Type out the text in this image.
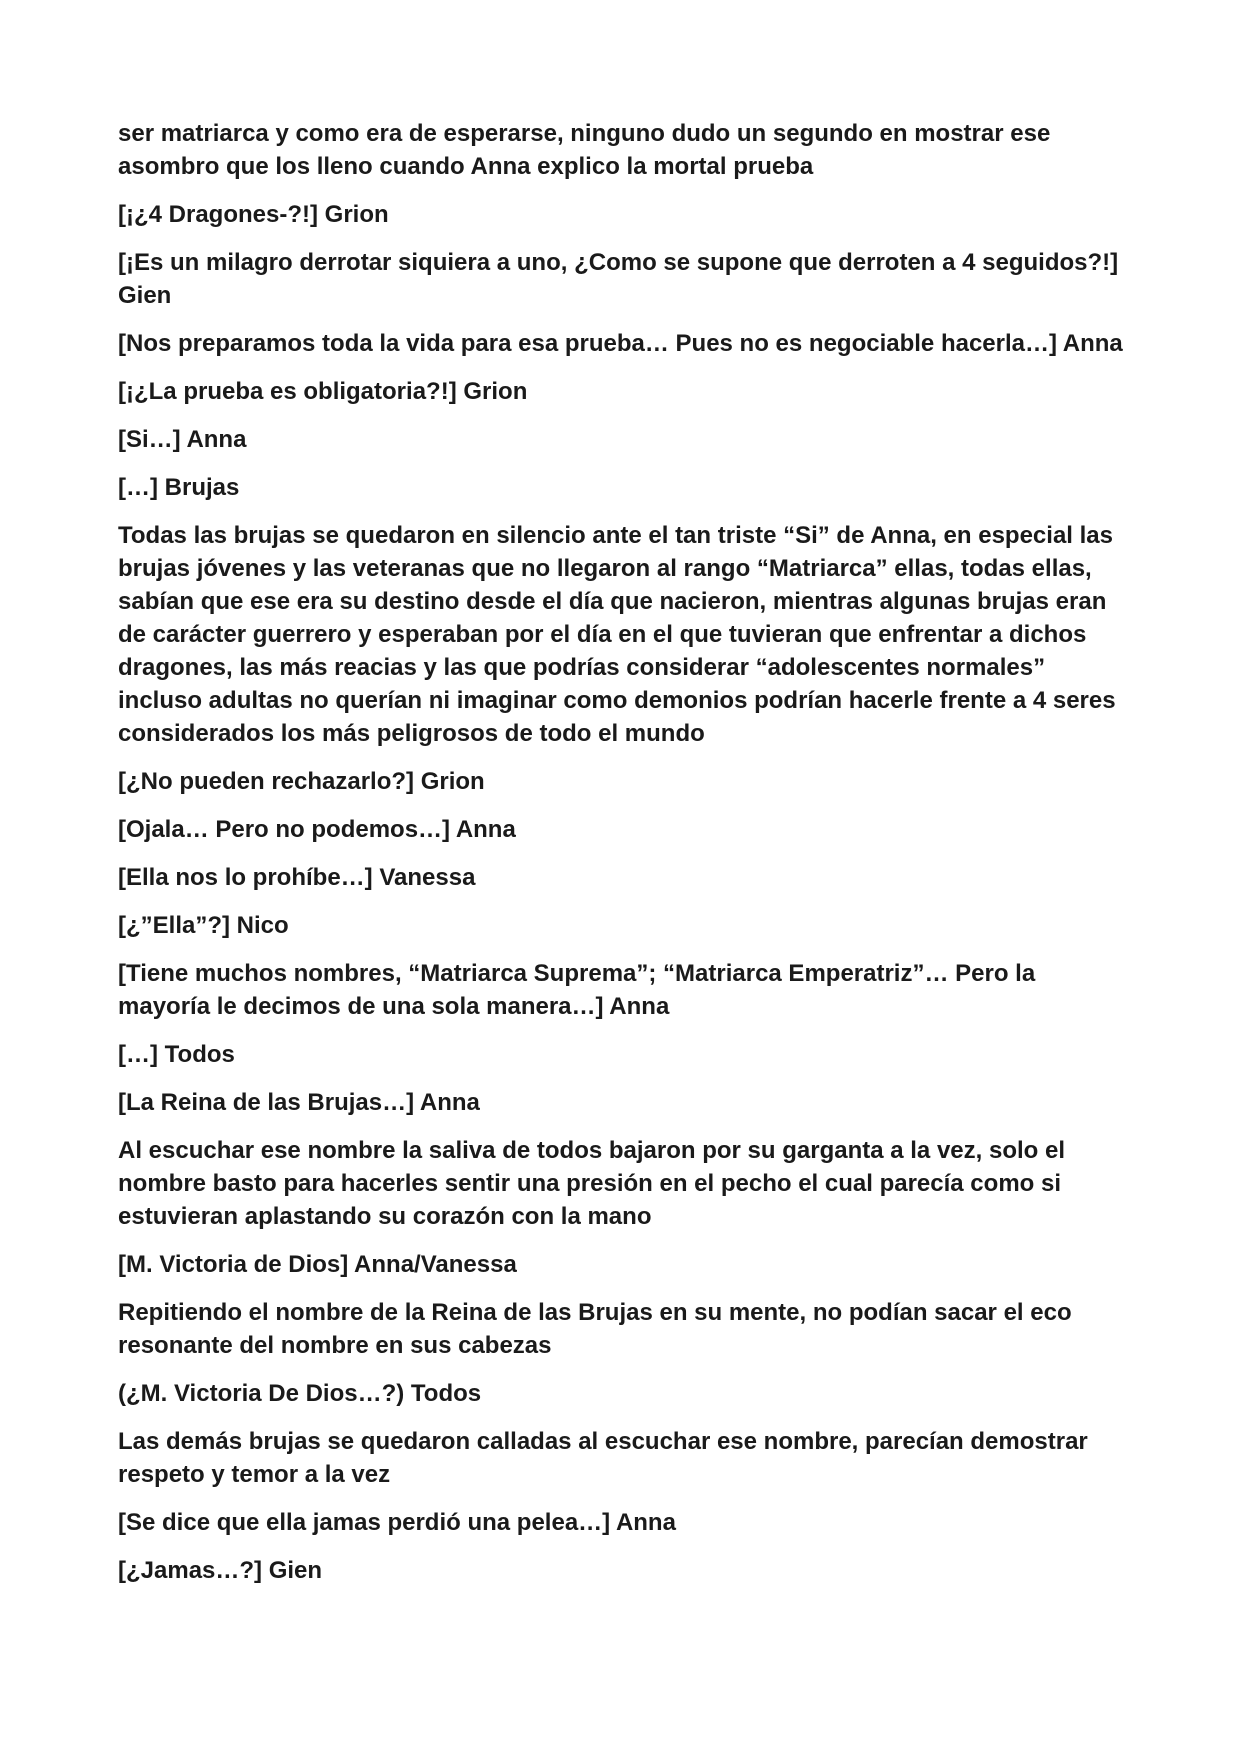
ser matriarca y como era de esperarse, ninguno dudo un segundo en mostrar ese asombro que los lleno cuando Anna explico la mortal prueba

[¡¿4 Dragones-?!] Grion

[¡Es un milagro derrotar siquiera a uno, ¿Como se supone que derroten a 4 seguidos?!] Gien

[Nos preparamos toda la vida para esa prueba… Pues no es negociable hacerla…] Anna

[¡¿La prueba es obligatoria?!] Grion

[Si…] Anna

[…] Brujas

Todas las brujas se quedaron en silencio ante el tan triste “Si” de Anna, en especial las brujas jóvenes y las veteranas que no llegaron al rango “Matriarca” ellas, todas ellas, sabían que ese era su destino desde el día que nacieron, mientras algunas brujas eran de carácter guerrero y esperaban por el día en el que tuvieran que enfrentar a dichos dragones, las más reacias y las que podrías considerar “adolescentes normales” incluso adultas no querían ni imaginar como demonios podrían hacerle frente a 4 seres considerados los más peligrosos de todo el mundo

[¿No pueden rechazarlo?] Grion

[Ojala… Pero no podemos…] Anna

[Ella nos lo prohíbe…] Vanessa

[¿”Ella”?] Nico

[Tiene muchos nombres, “Matriarca Suprema”; “Matriarca Emperatriz”… Pero la mayoría le decimos de una sola manera…] Anna

[…] Todos

[La Reina de las Brujas…] Anna

Al escuchar ese nombre la saliva de todos bajaron por su garganta a la vez, solo el nombre basto para hacerles sentir una presión en el pecho el cual parecía como si estuvieran aplastando su corazón con la mano

[M. Victoria de Dios] Anna/Vanessa

Repitiendo el nombre de la Reina de las Brujas en su mente, no podían sacar el eco resonante del nombre en sus cabezas

(¿M. Victoria De Dios…?) Todos

Las demás brujas se quedaron calladas al escuchar ese nombre, parecían demostrar respeto y temor a la vez

[Se dice que ella jamas perdió una pelea…] Anna

[¿Jamas…?] Gien
